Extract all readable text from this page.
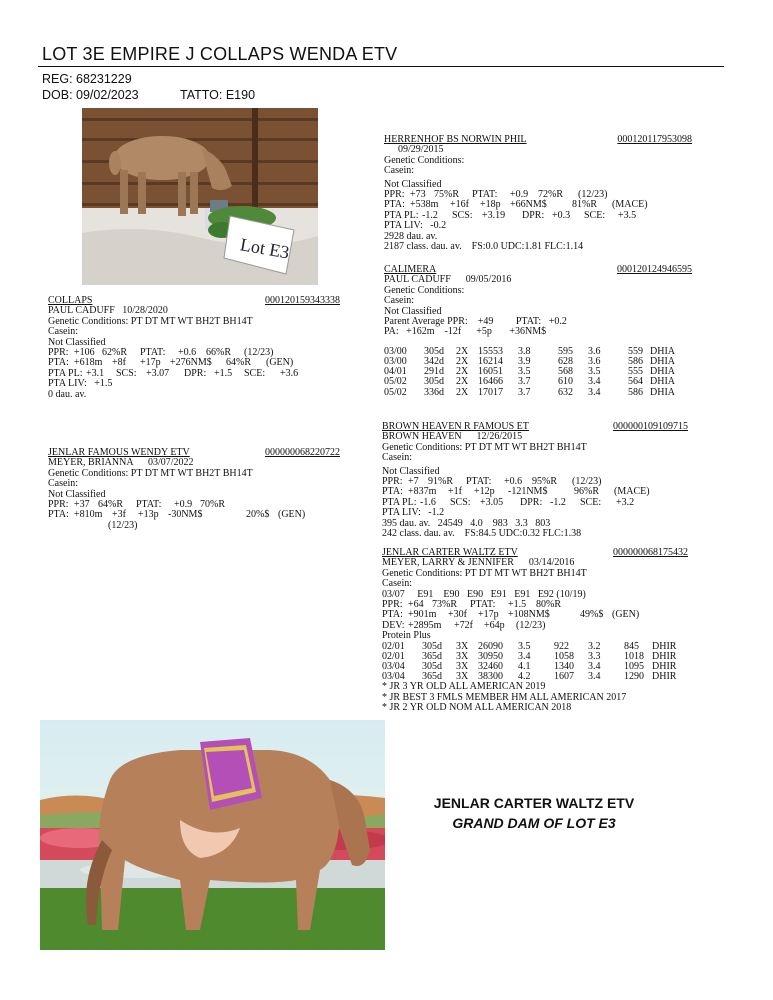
LOT 3E EMPIRE J COLLAPS WENDA ETV
REG: 68231229
DOB: 09/02/2023	TATTO: E190
Lot E3
COLLAPS	000120159343338
PAUL CADUFF   10/28/2020
Genetic Conditions: PT DT MT WT BH2T BH14T
Casein:
Not Classified
PPR: +106 62%R	PTAT:	+0.6 66%R	(12/23)
PTA: +618m +8f	+17p +276NM$	64%R	(GEN)
PTA PL: +3.1	SCS: +3.07	DPR: +1.5	SCE:	+3.6
PTA LIV:   +1.5
0 dau. av.
JENLAR FAMOUS WENDY ETV	000000068220722
MEYER, BRIANNA      03/07/2022
Genetic Conditions: PT DT MT WT BH2T BH14T
Casein:
Not Classified
PPR: +37 64%R	PTAT:	+0.9 70%R
PTA: +810m +3f	+13p -30NM$	20%$ (GEN)
(12/23)
HERRENHOF BS NORWIN PHIL	000120117953098
09/29/2015
Genetic Conditions:
Casein:
Not Classified
PPR: +73 75%R	PTAT:	+0.9 72%R	(12/23)
PTA: +538m	+16f	+18p +66NM$	81%R	(MACE)
PTA PL: -1.2	SCS: +3.19	DPR: +0.3	SCE:	+3.5
PTA LIV:   -0.2
2928 dau. av.
2187 class. dau. av.    FS:0.0 UDC:1.81 FLC:1.14
CALIMERA	000120124946595
PAUL CADUFF      09/05/2016
Genetic Conditions:
Casein:
Not Classified
Parent Average PPR:    +49         PTAT:   +0.2
PA:   +162m    -12f      +5p       +36NM$
03/00	305d	2X	15553	3.8	595	3.6	559	DHIA
03/00	342d	2X	16214	3.9	628	3.6	586	DHIA
04/01	291d	2X	16051	3.5	568	3.5	555	DHIA
05/02	305d	2X	16466	3.7	610	3.4	564	DHIA
05/02	336d	2X	17017	3.7	632	3.4	586	DHIA
BROWN HEAVEN R FAMOUS ET	000000109109715
BROWN HEAVEN      12/26/2015
Genetic Conditions: PT DT MT WT BH2T BH14T
Casein:
Not Classified
PPR: +7 91%R	PTAT:	+0.6 95%R	(12/23)
PTA: +837m	+1f	+12p	-121NM$	96%R	(MACE)
PTA PL: -1.6	SCS: +3.05	DPR: -1.2	SCE:	+3.2
PTA LIV:   -1.2
395 dau. av.   24549   4.0    983   3.3   803
242 class. dau. av.    FS:84.5 UDC:0.32 FLC:1.38
JENLAR CARTER WALTZ ETV	000000068175432
MEYER, LARRY & JENNIFER      03/14/2016
Genetic Conditions: PT DT MT WT BH2T BH14T
Casein:
03/07     E91    E90   E90   E91   E91   E92 (10/19)
PPR: +64 73%R	PTAT:	+1.5 80%R
PTA: +901m	+30f	+17p +108NM$	49%$ (GEN)
DEV: +2895m	+72f	+64p	(12/23)
Protein Plus
02/01	305d	3X	26090	3.5	922	3.2	845	DHIR
02/01	365d	3X	30950	3.4	1058	3.3	1018	DHIR
03/04	305d	3X	32460	4.1	1340	3.4	1095	DHIR
03/04	365d	3X	38300	4.2	1607	3.4	1290	DHIR
* JR 3 YR OLD ALL AMERICAN 2019
* JR BEST 3 FMLS MEMBER HM ALL AMERICAN 2017
* JR 2 YR OLD NOM ALL AMERICAN 2018
JENLAR CARTER WALTZ ETV
GRAND DAM OF LOT E3
